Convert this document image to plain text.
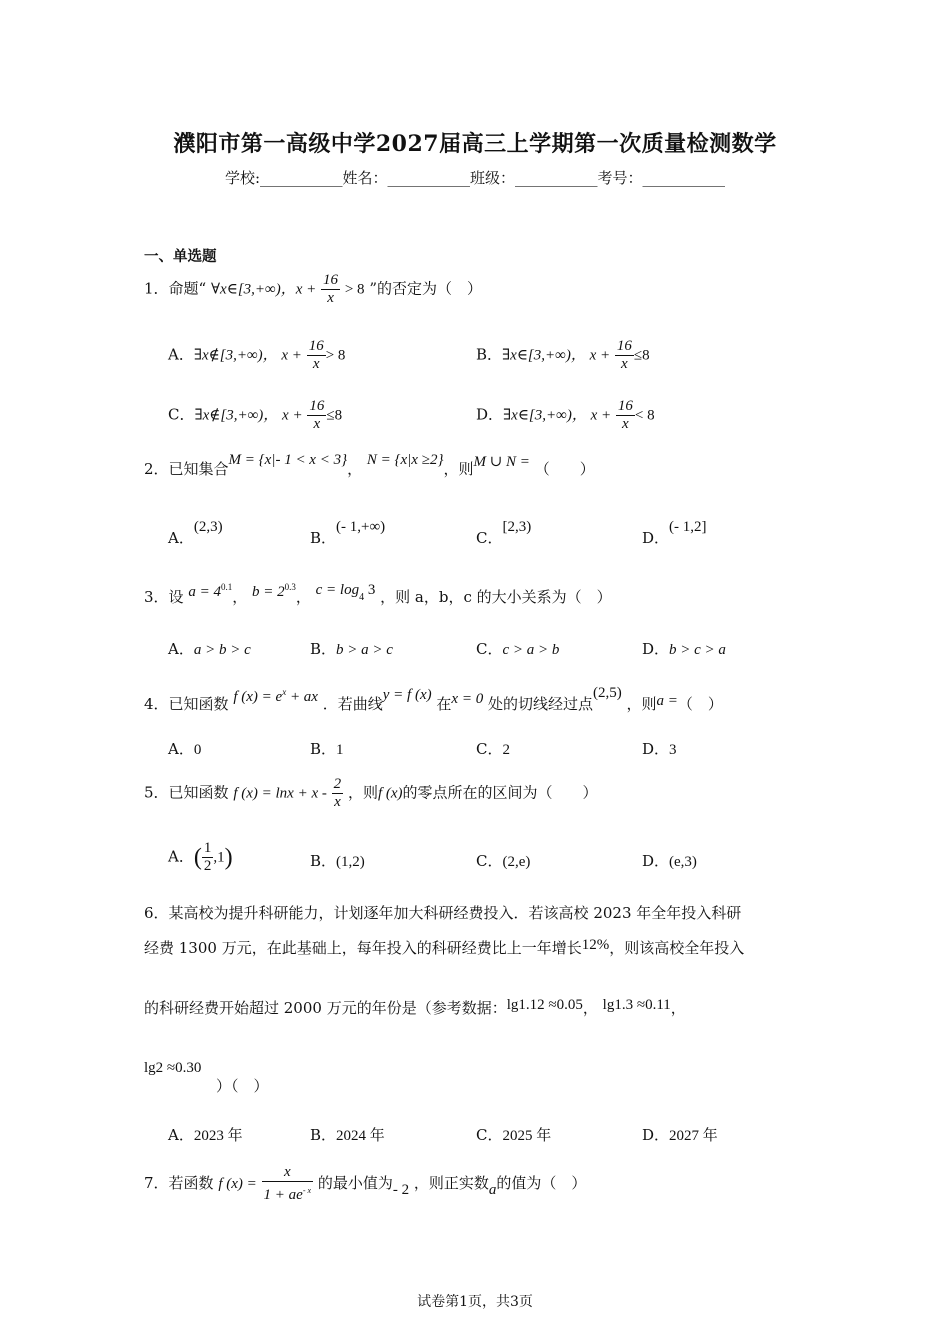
濮阳市第一高级中学2027届高三上学期第一次质量检测数学
学校:___________姓名：___________班级：___________考号：___________
一、单选题
1．命题“ ∀x∈[3,+∞)，$x + \frac{16}{x} > 8$ ”的否定为（　）
A．∃x∉[3,+∞)， $x + \frac{16}{x} > 8$	B．∃x∈[3,+∞)， $x + \frac{16}{x} \le 8$
C．∃x∉[3,+∞)， $x + \frac{16}{x} \le 8$	D．∃x∈[3,+∞)， $x + \frac{16}{x} < 8$
2．已知集合M = {x|- 1 < x < 3}， N = {x|x ≥2}，则M ∪ N = （　　）
A．(2,3)
B．(- 1,+∞)
C．[2,3)
D．(- 1,2]
3．设 $a = 4^{0.1}$， $b = 2^{0.3}$， $c = \log_4 3$ ，则 a，b，c 的大小关系为（　）
A．a > b > c	B．b > a > c	C．c > a > b	D．b > c > a
4．已知函数 f $(x) = e^x$ + ax ．若曲线y = f (x) 在x = 0 处的切线经过点(2,5) ，则a =（　）
A．0	B．1	C．2	D．3
5．已知函数 f $(x) = \ln x + x - \frac{2}{x}$ ，则f (x)的零点所在的区间为（　　）
A．( $\frac{1}{2} ,1$)	B．(1,2)	C．(2,e)	D．(e,3)
6．某高校为提升科研能力，计划逐年加大科研经费投入．若该高校 2023 年全年投入科研
经费 1300 万元，在此基础上，每年投入的科研经费比上一年增长12%，则该高校全年投入
的科研经费开始超过 2000 万元的年份是（参考数据：lg1.12 ≈0.05， lg1.3 ≈0.11，
lg2 ≈0.30
）（　）
A．2023 年	B．2024 年	C．2025 年	D．2027 年
7．若函数 f $(x) = \frac{x}{1 + ae^{- x}}$ 的最小值为- 2 ，则正实数a的值为（　）
试卷第1页，共3页
